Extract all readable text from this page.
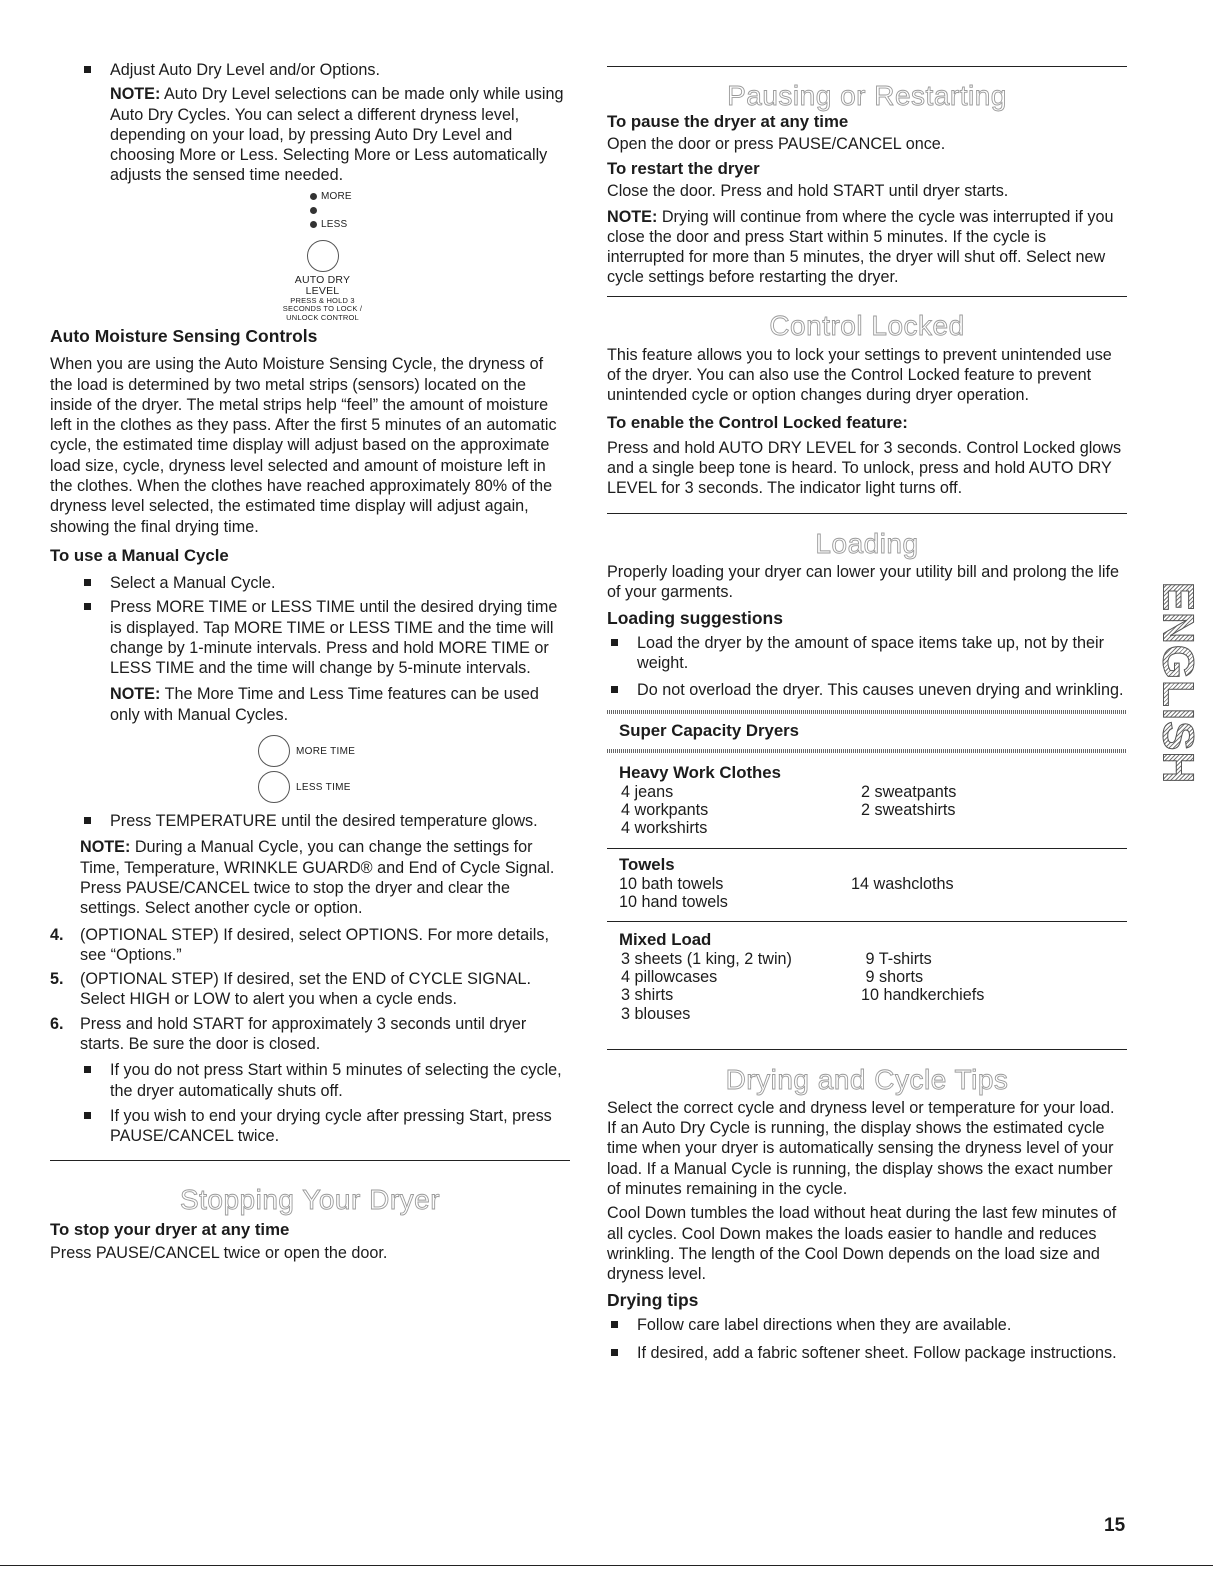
Adjust Auto Dry Level and/or Options.

NOTE: Auto Dry Level selections can be made only while using Auto Dry Cycles. You can select a different dryness level, depending on your load, by pressing Auto Dry Level and choosing More or Less. Selecting More or Less automatically adjusts the sensed time needed.

MORE
LESS
AUTO DRY
LEVEL
PRESS & HOLD 3
SECONDS TO LOCK /
UNLOCK CONTROL
Auto Moisture Sensing Controls

When you are using the Auto Moisture Sensing Cycle, the dryness of the load is determined by two metal strips (sensors) located on the inside of the dryer. The metal strips help “feel” the amount of moisture left in the clothes as they pass. After the first 5 minutes of an automatic cycle, the estimated time display will adjust based on the approximate load size, cycle, dryness level selected and amount of moisture left in the clothes. When the clothes have reached approximately 80% of the dryness level selected, the estimated time display will adjust again, showing the final drying time.

To use a Manual Cycle
Select a Manual Cycle.
Press MORE TIME or LESS TIME until the desired drying time is displayed. Tap MORE TIME or LESS TIME and the time will change by 1-minute intervals. Press and hold MORE TIME or LESS TIME and the time will change by 5-minute intervals.

NOTE: The More Time and Less Time features can be used only with Manual Cycles.

MORE TIME
LESS TIME
Press TEMPERATURE until the desired temperature glows.

NOTE: During a Manual Cycle, you can change the settings for Time, Temperature, WRINKLE GUARD® and End of Cycle Signal. Press PAUSE/CANCEL twice to stop the dryer and clear the settings. Select another cycle or option.

4. (OPTIONAL STEP) If desired, select OPTIONS. For more details, see “Options.”

5. (OPTIONAL STEP) If desired, set the END of CYCLE SIGNAL. Select HIGH or LOW to alert you when a cycle ends.

6. Press and hold START for approximately 3 seconds until dryer starts. Be sure the door is closed.

If you do not press Start within 5 minutes of selecting the cycle, the dryer automatically shuts off.
If you wish to end your drying cycle after pressing Start, press PAUSE/CANCEL twice.
Stopping Your Dryer
To stop your dryer at any time

Press PAUSE/CANCEL twice or open the door.

Pausing or Restarting
To pause the dryer at any time

Open the door or press PAUSE/CANCEL once.

To restart the dryer

Close the door. Press and hold START until dryer starts.

NOTE: Drying will continue from where the cycle was interrupted if you close the door and press Start within 5 minutes. If the cycle is interrupted for more than 5 minutes, the dryer will shut off. Select new cycle settings before restarting the dryer.

Control Locked

This feature allows you to lock your settings to prevent unintended use of the dryer. You can also use the Control Locked feature to prevent unintended cycle or option changes during dryer operation.

To enable the Control Locked feature:

Press and hold AUTO DRY LEVEL for 3 seconds. Control Locked glows and a single beep tone is heard. To unlock, press and hold AUTO DRY LEVEL for 3 seconds. The indicator light turns off.

Loading

Properly loading your dryer can lower your utility bill and prolong the life of your garments.

Loading suggestions
Load the dryer by the amount of space items take up, not by their weight.
Do not overload the dryer. This causes uneven drying and wrinkling.
Super Capacity Dryers
Heavy Work Clothes
4 jeans
4 workpants
4 workshirts
2 sweatpants
2 sweatshirts
Towels
10 bath towels
10 hand towels
14 washcloths
Mixed Load
3 sheets (1 king, 2 twin)
4 pillowcases
3 shirts
3 blouses
9 T-shirts
9 shorts
10 handkerchiefs
Drying and Cycle Tips

Select the correct cycle and dryness level or temperature for your load. If an Auto Dry Cycle is running, the display shows the estimated cycle time when your dryer is automatically sensing the dryness level of your load. If a Manual Cycle is running, the display shows the exact number of minutes remaining in the cycle.

Cool Down tumbles the load without heat during the last few minutes of all cycles. Cool Down makes the loads easier to handle and reduces wrinkling. The length of the Cool Down depends on the load size and dryness level.

Drying tips
Follow care label directions when they are available.
If desired, add a fabric softener sheet. Follow package instructions.
ENGLISH
15
